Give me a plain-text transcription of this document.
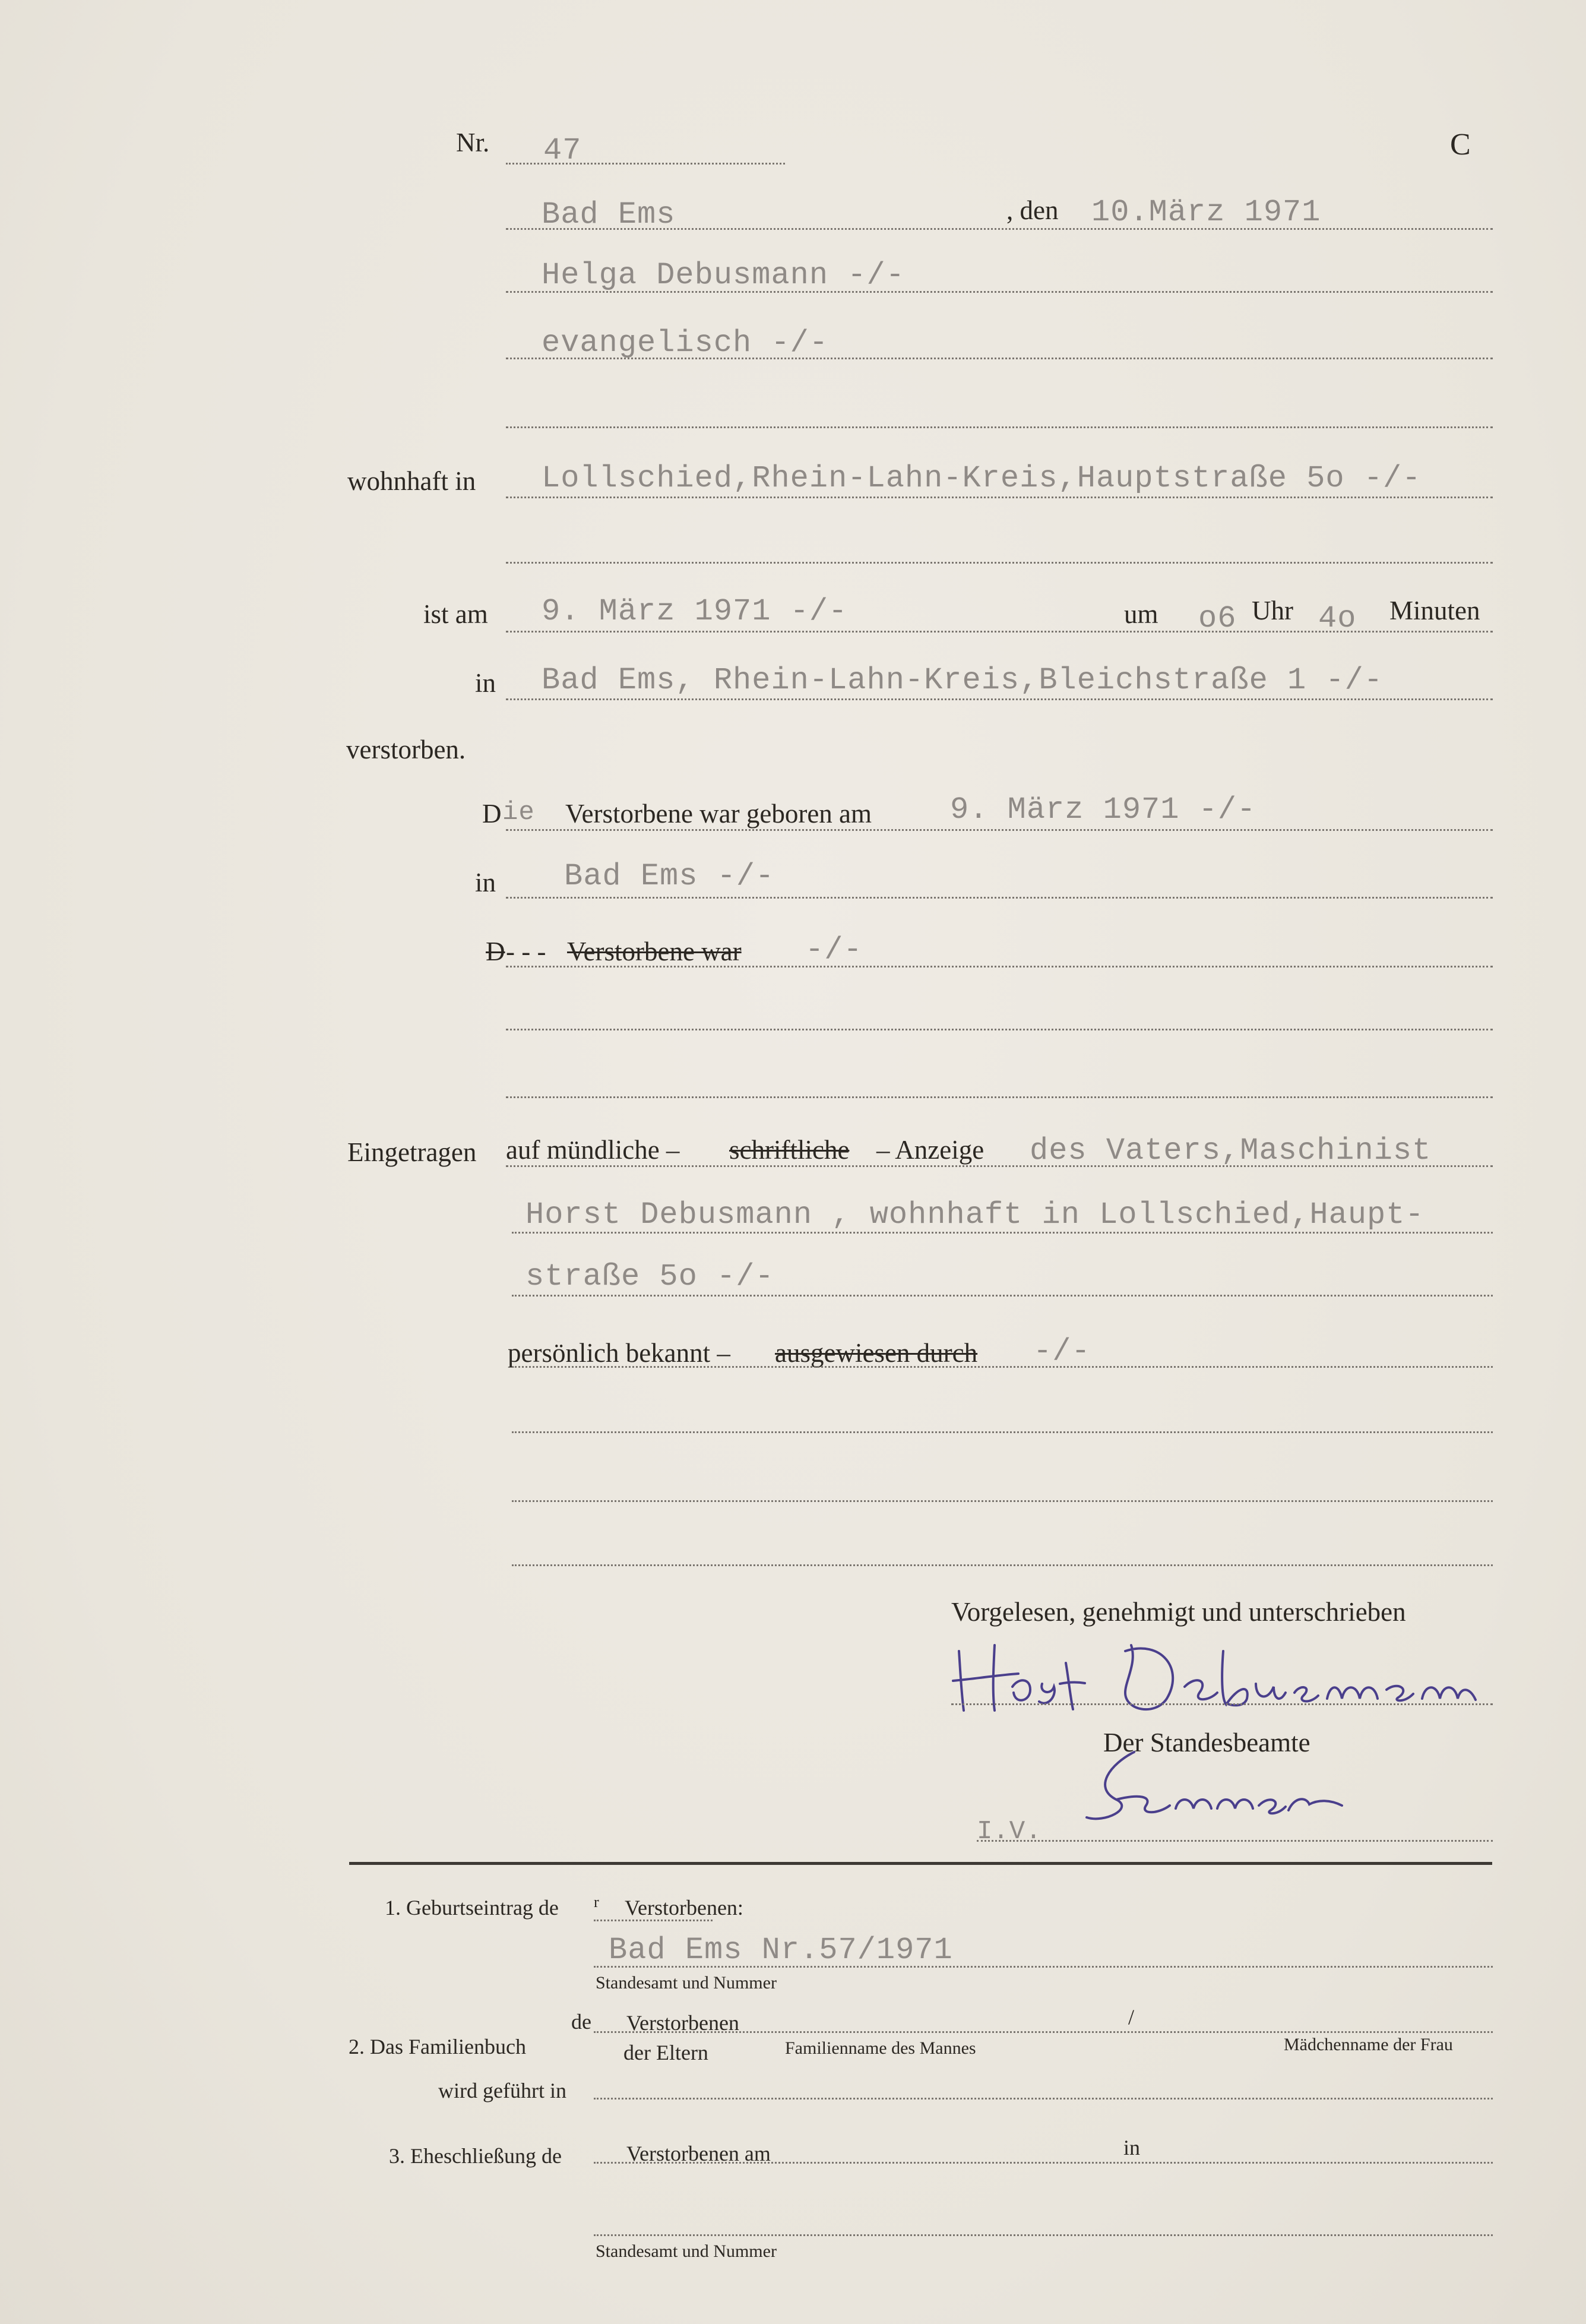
Nr. 47	C
Bad Ems	, den 10.März 1971
Helga Debusmann -/-
evangelisch -/-
wohnhaft in Lollschied,Rhein-Lahn-Kreis,Hauptstraße 5o -/-
ist am 9. März 1971 -/-	um o6 Uhr 4o Minuten
in Bad Ems, Rhein-Lahn-Kreis,Bleichstraße 1 -/-
verstorben.
D ie Verstorbene war geboren am	9. März 1971 -/-
in Bad Ems -/-
D - - - Verstorbene war -/-
Eingetragen auf mündliche – schriftliche – Anzeige des Vaters,Maschinist
Horst Debusmann , wohnhaft in Lollschied,Haupt-
straße 5o -/-
persönlich bekannt – ausgewiesen durch -/-
Vorgelesen, genehmigt und unterschrieben
Der Standesbeamte
I.V.
1. Geburtseintrag de r Verstorbenen:
Bad Ems Nr.57/1971
Standesamt und Nummer
2. Das Familienbuch
de Verstorbenen	/
der Eltern	Familienname des Mannes	Mädchenname der Frau
wird geführt in
3. Eheschließung de	Verstorbenen am	in
Standesamt und Nummer
